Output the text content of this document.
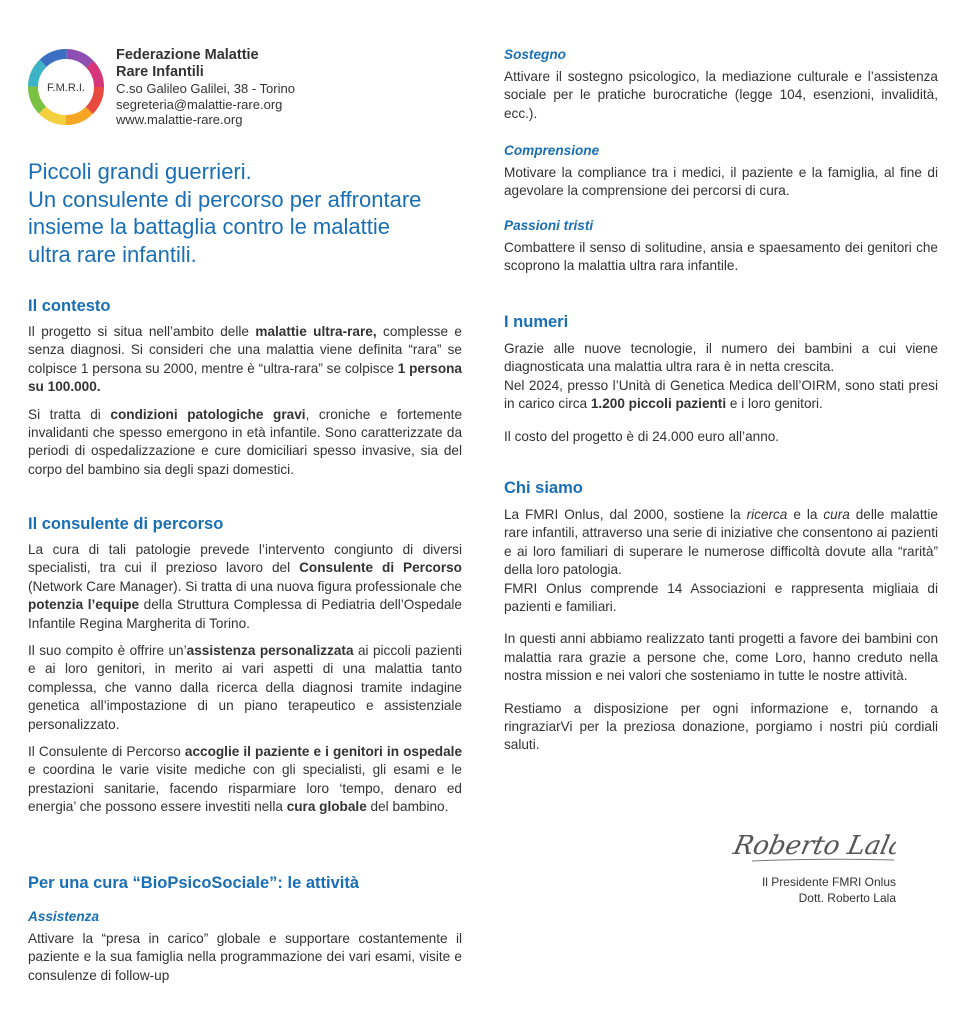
F.M.R.I.
Federazione Malattie
Rare Infantili
C.so Galileo Galilei, 38 - Torino
segreteria@malattie-rare.org
www.malattie-rare.org
Piccoli grandi guerrieri.
Un consulente di percorso per affrontare
insieme la battaglia contro le malattie
ultra rare infantili.
Il contesto

Il progetto si situa nell’ambito delle malattie ultra-rare, complesse e senza diagnosi. Si consideri che una malattia viene definita “rara” se colpisce 1 persona su 2000, mentre è “ultra-rara” se colpisce 1 persona su 100.000.

Si tratta di condizioni patologiche gravi, croniche e fortemente invalidanti che spesso emergono in età infantile. Sono caratterizzate da periodi di ospedalizzazione e cure domiciliari spesso invasive, sia del corpo del bambino sia degli spazi domestici.

Il consulente di percorso

La cura di tali patologie prevede l’intervento congiunto di diversi specialisti, tra cui il prezioso lavoro del Consulente di Percorso (Network Care Manager). Si tratta di una nuova figura professionale che potenzia l’equipe della Struttura Complessa di Pediatria dell’Ospedale Infantile Regina Margherita di Torino.

Il suo compito è offrire un’assistenza personalizzata ai piccoli pazienti e ai loro genitori, in merito ai vari aspetti di una malattia tanto complessa, che vanno dalla ricerca della diagnosi tramite indagine genetica all’impostazione di un piano terapeutico e assistenziale personalizzato.

Il Consulente di Percorso accoglie il paziente e i genitori in ospedale e coordina le varie visite mediche con gli specialisti, gli esami e le prestazioni sanitarie, facendo risparmiare loro ‘tempo, denaro ed energia’ che possono essere investiti nella cura globale del bambino.

Per una cura “BioPsicoSociale”: le attività
Assistenza

Attivare la “presa in carico” globale e supportare costantemente il paziente e la sua famiglia nella programmazione dei vari esami, visite e consulenze di follow-up

Sostegno

Attivare il sostegno psicologico, la mediazione culturale e l’assistenza sociale per le pratiche burocratiche (legge 104, esenzioni, invalidità, ecc.).

Comprensione

Motivare la compliance tra i medici, il paziente e la famiglia, al fine di agevolare la comprensione dei percorsi di cura.

Passioni tristi

Combattere il senso di solitudine, ansia e spaesamento dei genitori che scoprono la malattia ultra rara infantile.

I numeri

Grazie alle nuove tecnologie, il numero dei bambini a cui viene diagnosticata una malattia ultra rara è in netta crescita.

Nel 2024, presso l’Unità di Genetica Medica dell’OIRM, sono stati presi in carico circa 1.200 piccoli pazienti e i loro genitori.

Il costo del progetto è di 24.000 euro all’anno.

Chi siamo

La FMRI Onlus, dal 2000, sostiene la ricerca e la cura delle malattie rare infantili, attraverso una serie di iniziative che consentono ai pazienti e ai loro familiari di superare le numerose difficoltà dovute alla “rarità” della loro patologia.

FMRI Onlus comprende 14 Associazioni e rappresenta migliaia di pazienti e familiari.

In questi anni abbiamo realizzato tanti progetti a favore dei bambini con malattia rara grazie a persone che, come Loro, hanno creduto nella nostra mission e nei valori che sosteniamo in tutte le nostre attività.

Restiamo a disposizione per ogni informazione e, tornando a ringraziarVi per la preziosa donazione, porgiamo i nostri più cordiali saluti.

Roberto Lala
Il Presidente FMRI Onlus
Dott. Roberto Lala
